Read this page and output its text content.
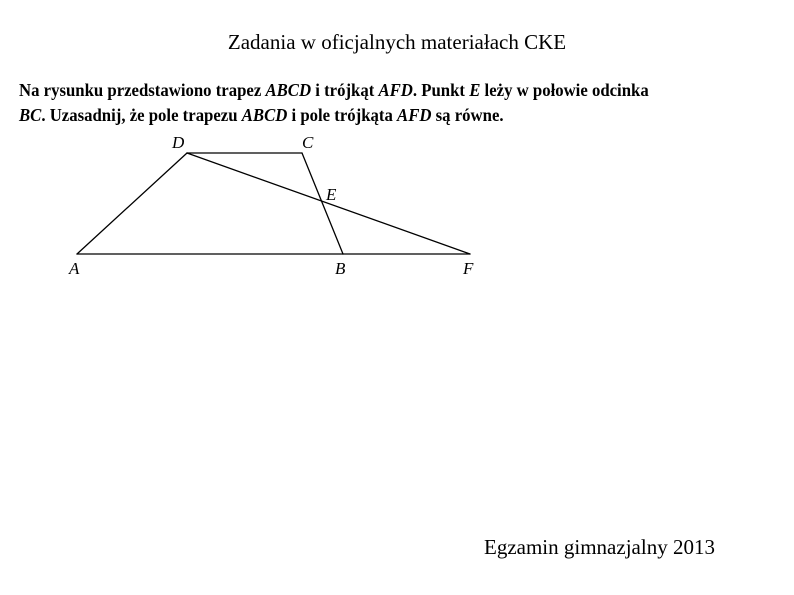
Zadania w oficjalnych materiałach CKE
Na rysunku przedstawiono trapez ABCD i trójkąt AFD. Punkt E leży w połowie odcinka
BC. Uzasadnij, że pole trapezu ABCD i pole trójkąta AFD są równe.
A	B
C
D
E
F
Egzamin gimnazjalny 2013
